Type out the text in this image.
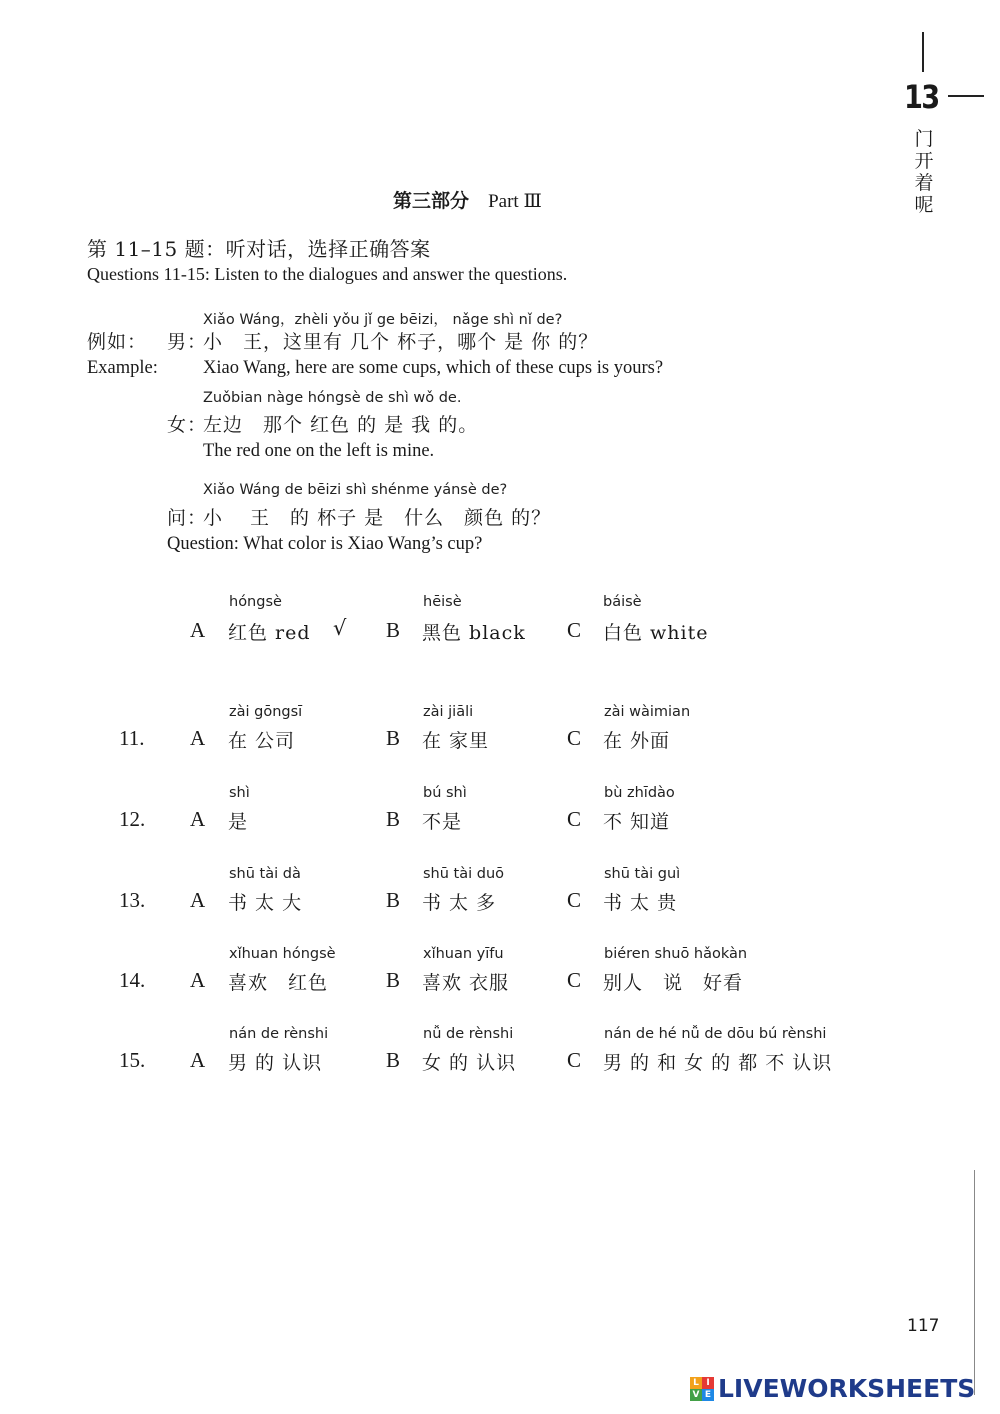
13
门
开
着
呢
第三部分 Part Ⅲ
第 11–15 题：听对话，选择正确答案
Questions 11-15: Listen to the dialogues and answer the questions.
Xiǎo Wáng，zhèli yǒu jǐ ge bēizi， nǎge shì nǐ de?
例如： 男：
小　王，这里有 几个 杯子，哪个 是 你 的？
Example: Xiao Wang, here are some cups, which of these cups is yours?
Zuǒbian nàge hóngsè de shì wǒ de.
女：
左边　那个 红色 的 是 我 的。
The red one on the left is mine.
Xiǎo Wáng de bēizi shì shénme yánsè de?
问：
小　 王　的 杯子 是　什么　颜色 的？
Question: What color is Xiao Wang’s cup?
hóngsè
A 红色 red √
hēisè
B 黑色 black
báisè
C 白色 white
11.
zài gōngsī
A 在 公司
zài jiāli
B 在 家里
zài wàimian
C 在 外面
12.
shì
A 是
bú shì
B 不是
bù zhīdào
C 不 知道
13.
shū tài dà
A 书 太 大
shū tài duō
B 书 太 多
shū tài guì
C 书 太 贵
14.
xǐhuan hóngsè
A 喜欢　红色
xǐhuan yīfu
B 喜欢 衣服
biéren shuō hǎokàn
C 别人　说　好看
15.
nán de rènshi
A 男 的 认识
nǚ de rènshi
B 女 的 认识
nán de hé nǚ de dōu bú rènshi
C 男 的 和 女 的 都 不 认识
117
L I
V E LIVEWORKSHEETS
